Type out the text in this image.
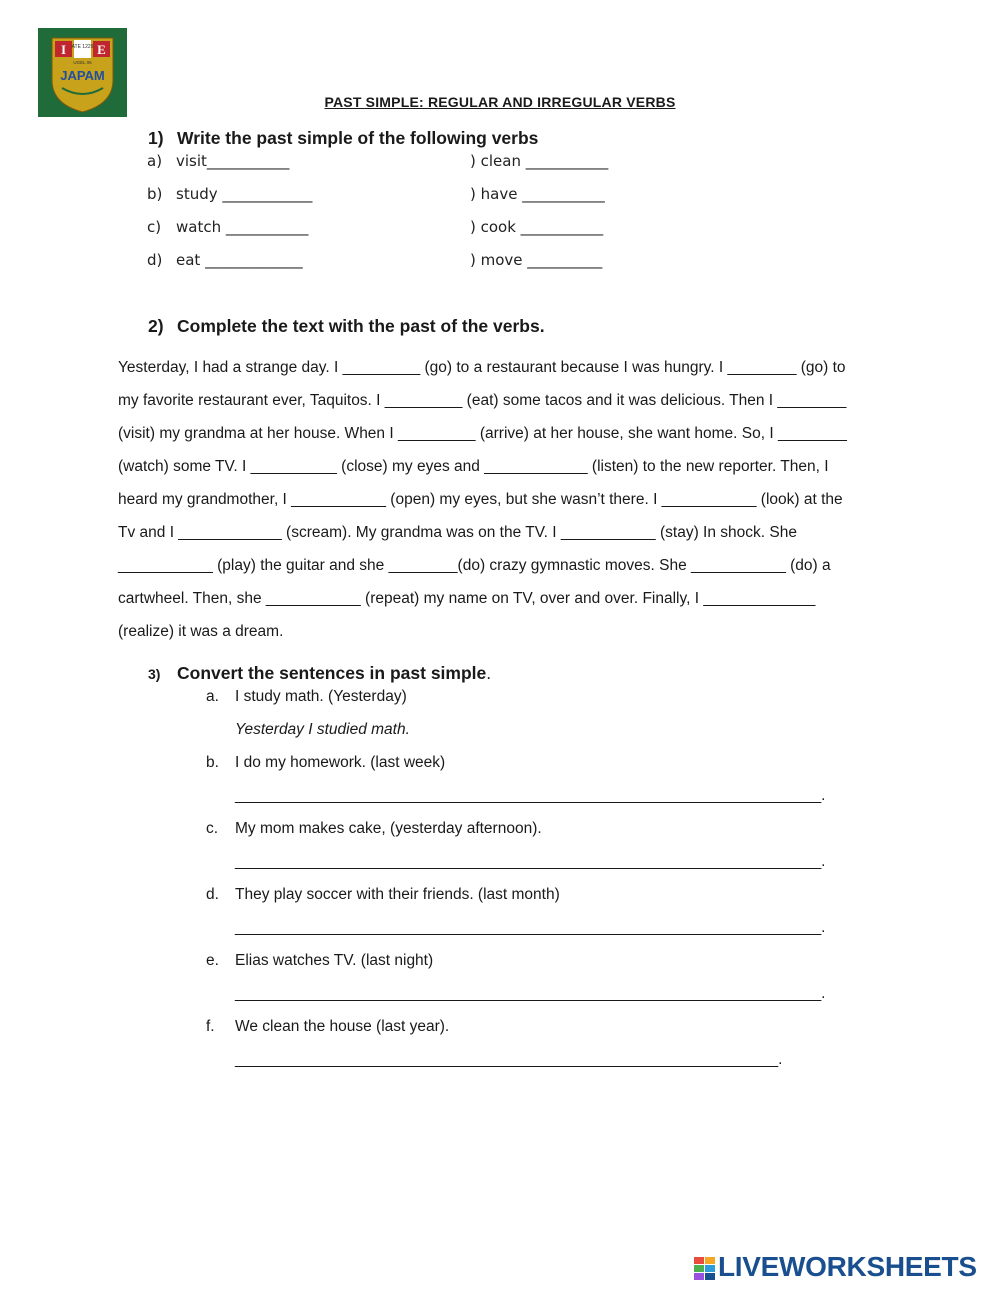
I E
ATE 1229
UGEL 06
JAPAM
PAST SIMPLE: REGULAR AND IRREGULAR VERBS
1) Write the past simple of the following verbs
a) visit___________
b) study ____________
c) watch ___________
d) eat _____________
) clean ___________
) have ___________
) cook ___________
) move __________
2) Complete the text with the past of the verbs.
Yesterday, I had a strange day. I _________ (go) to a restaurant because I was hungry. I ________ (go) to
my favorite restaurant ever, Taquitos. I _________ (eat) some tacos and it was delicious. Then I ________
(visit) my grandma at her house. When I _________ (arrive) at her house, she want home. So, I ________
(watch) some TV. I __________ (close) my eyes and ____________ (listen) to the new reporter. Then, I
heard my grandmother, I ___________ (open) my eyes, but she wasn’t there. I ___________ (look) at the
Tv and I ____________ (scream). My grandma was on the TV. I ___________ (stay) In shock. She
___________ (play) the guitar and she ________(do) crazy gymnastic moves. She ___________ (do) a
cartwheel. Then, she ___________ (repeat) my name on TV, over and over. Finally, I _____________
(realize) it was a dream.
3) Convert the sentences in past simple.
a. I study math. (Yesterday)
Yesterday I studied math.
b. I do my homework. (last week)
____________________________________________________________________.
c. My mom makes cake, (yesterday afternoon).
____________________________________________________________________.
d. They play soccer with their friends. (last month)
____________________________________________________________________.
e. Elias watches TV. (last night)
____________________________________________________________________.
f. We clean the house (last year).
_______________________________________________________________.
LIVEWORKSHEETS
